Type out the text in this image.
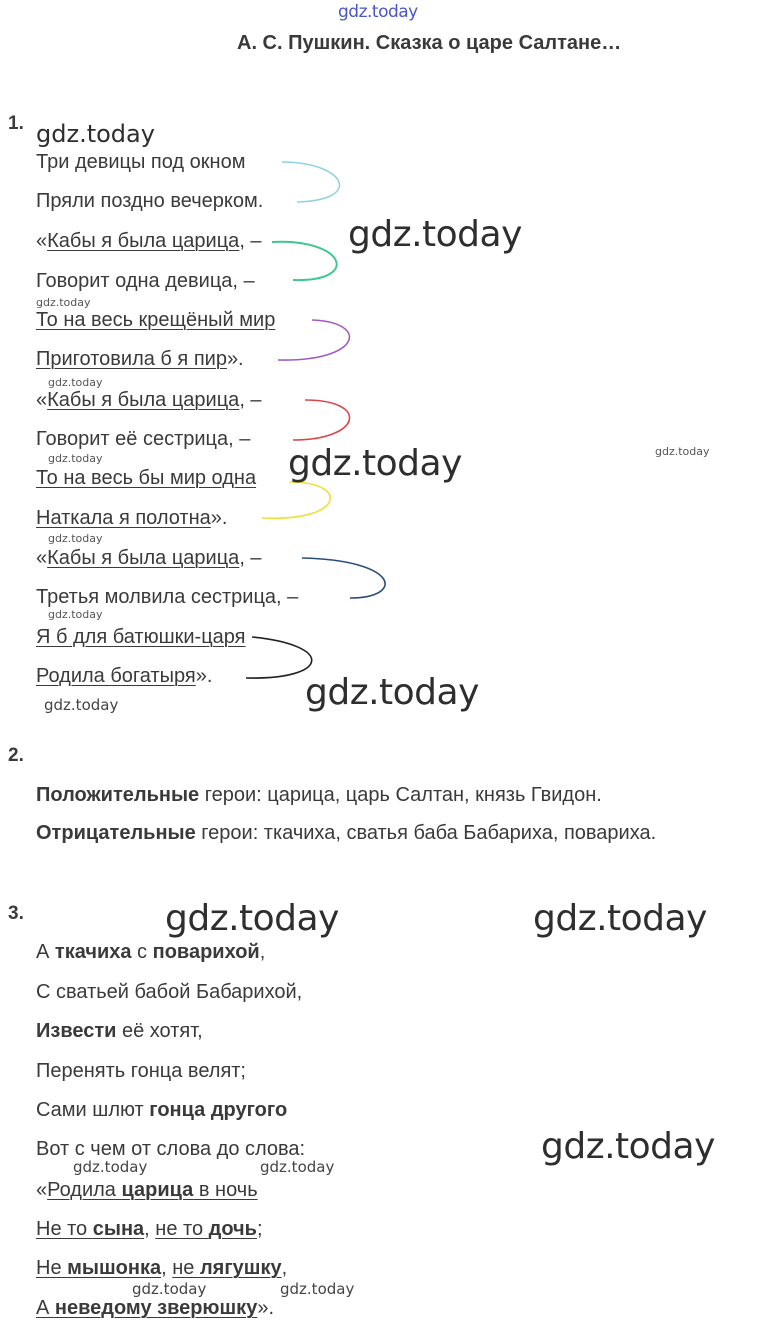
gdz.today
А. С. Пушкин. Сказка о царе Салтане…
1. gdz.today
Три девицы под окном
Пряли поздно вечерком.
«Кабы я была царица, –
Говорит одна девица, –
То на весь крещёный мир
Приготовила б я пир».
«Кабы я была царица, –
Говорит её сестрица, –
То на весь бы мир одна
Наткала я полотна».
«Кабы я была царица, –
Третья молвила сестрица, –
Я б для батюшки-царя
Родила богатыря».
gdz.today
gdz.today
gdz.today
gdz.today	gdz.today	gdz.today
gdz.today
gdz.today
gdz.today
gdz.today
2.
Положительные герои: царица, царь Салтан, князь Гвидон.
Отрицательные герои: ткачиха, сватья баба Бабариха, повариха.
3.	gdz.today	gdz.today
А ткачиха с поварихой,
С сватьей бабой Бабарихой,
Извести её хотят,
Перенять гонца велят;
Сами шлют гонца другого
Вот с чем от слова до слова:	gdz.today
gdz.today	gdz.today
«Родила царица в ночь
Не то сына, не то дочь;
Не мышонка, не лягушку,
gdz.today	gdz.today
А неведому зверюшку».
